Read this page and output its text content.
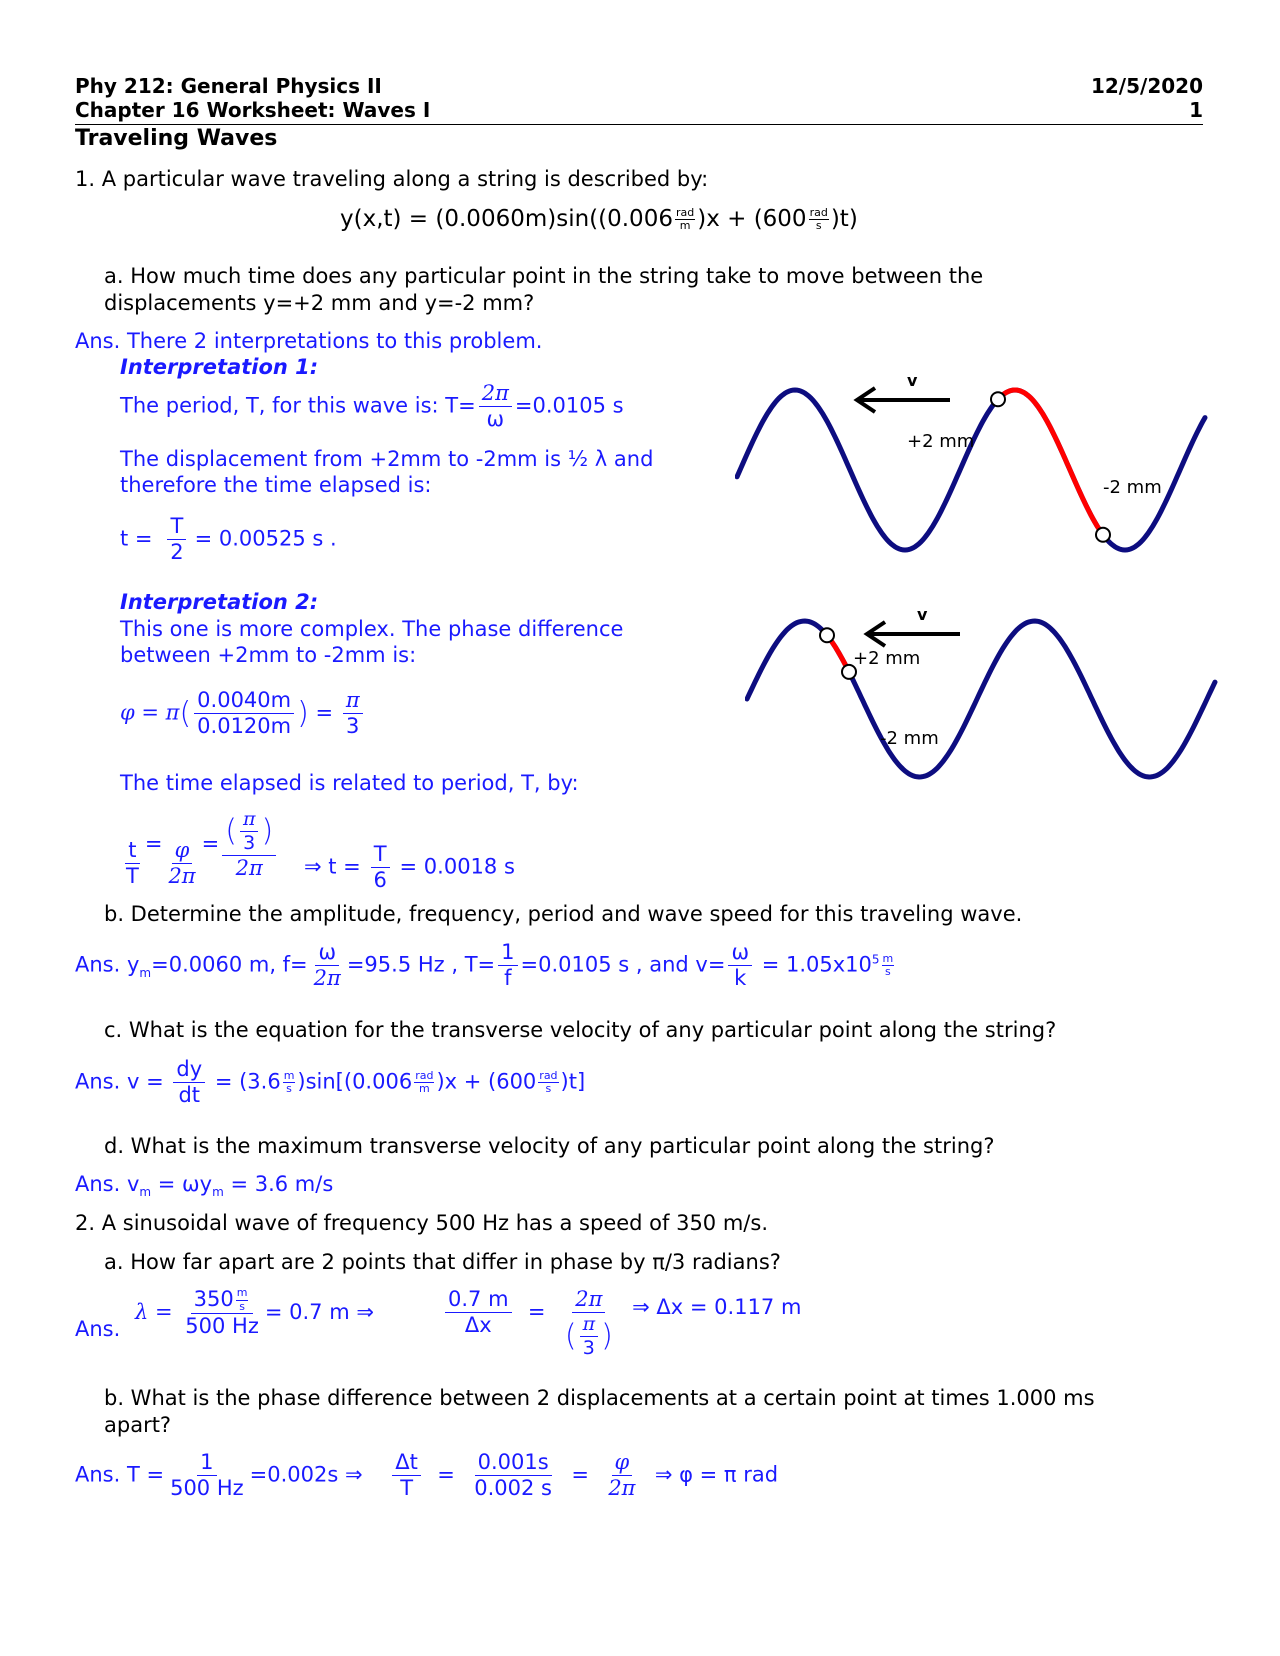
Phy 212: General Physics II
Chapter 16 Worksheet: Waves I
12/5/2020
1
Traveling Waves
1. A particular wave traveling along a string is described by:
y(x,t) = (0.0060m)sin((0.006 rad
m )x + (600 rad
s )t)
a. How much time does any particular point in the string take to move between the
displacements y=+2 mm and y=-2 mm?
Ans. There 2 interpretations to this problem.
Interpretation 1:
The period, T, for this wave is: $T= \frac{2\pi}{\omega} =0.0105$ s
The displacement from +2mm to -2mm is ½ λ and
therefore the time elapsed is:
$t = \frac{T}{2} = 0.00525$ s .
Interpretation 2:
This one is more complex. The phase difference
between +2mm to -2mm is:
$\varphi = \pi( \frac{0.0040m}{0.0120m}$ ) = $\frac{\pi}{3}$
The time elapsed is related to period, T, by:
$\frac{t}{T} = \frac{\varphi}{2\pi} = \frac{( \frac{\pi}{3} )}{2\pi}$ ⇒ $t = \frac{T}{6} = 0.0018$ s
b. Determine the amplitude, frequency, period and wave speed for this traveling wave.
Ans. $y_m=0.0060$ m, $f= \frac{\omega}{2\pi} =95.5$ Hz , $T= \frac{1}{f} =0.0105$ s , and $v= \frac{\omega}{k} = 1.05x10^5 \frac{m}{s}$
c. What is the equation for the transverse velocity of any particular point along the string?
Ans. $v = \frac{dy}{dt} = (3.6 \frac{m}{s} )\sin[(0.006$ rad
m )x + (600 rad
s )t]
d. What is the maximum transverse velocity of any particular point along the string?
Ans. $v_m = \omega y_m = 3.6$ m/s
2. A sinusoidal wave of frequency 500 Hz has a speed of 350 m/s.
a. How far apart are 2 points that differ in phase by π/3 radians?
Ans.
$\lambda = \frac{350 \frac{m}{s}}{500 Hz} = 0.7$ m ⇒	$\frac{0.7 m}{\Delta x} = \frac{2\pi}{( \frac{\pi}{3} )}$ ⇒ Δx = 0.117 m
b. What is the phase difference between 2 displacements at a certain point at times 1.000 ms
apart?
Ans. $T = \frac{1}{500 Hz} =0.002s$ ⇒ $\frac{\Delta t}{T} = \frac{0.001s}{0.002 s} = \frac{\varphi}{2\pi}$ ⇒ φ = π rad
v
+2 mm
-2 mm
v
+2 mm
-2 mm
